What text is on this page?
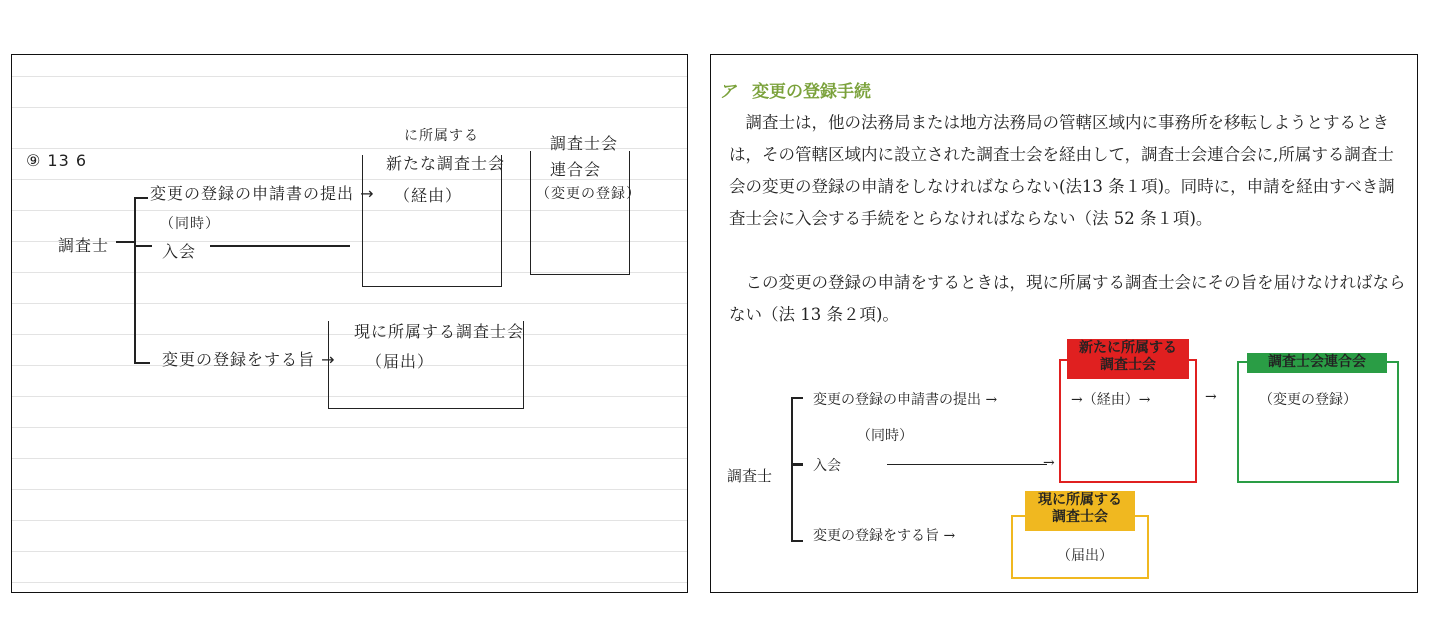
⑨ 13 6
に所属する
新たな調査士会
（経由）
調査士会
連合会
（変更の登録）
調査士
変更の登録の申請書の提出 →
（同時）
入会
変更の登録をする旨 →
現に所属する調査士会
（届出）
ア 変更の登録手続
　調査士は，他の法務局または地方法務局の管轄区域内に事務所を移転しようとするときは，その管轄区域内に設立された調査士会を経由して，調査士会連合会に,所属する調査士会の変更の登録の申請をしなければならない(法13 条１項)。同時に，申請を経由すべき調査士会に入会する手続をとらなければならない（法 52 条１項)。
　この変更の登録の申請をするときは，現に所属する調査士会にその旨を届けなければならない（法 13 条２項)。
調査士
変更の登録の申請書の提出 →
（同時）
入会	→
変更の登録をする旨 →
新たに所属する
調査士会
→（経由）→	→
調査士会連合会
（変更の登録）
現に所属する
調査士会
（届出）
